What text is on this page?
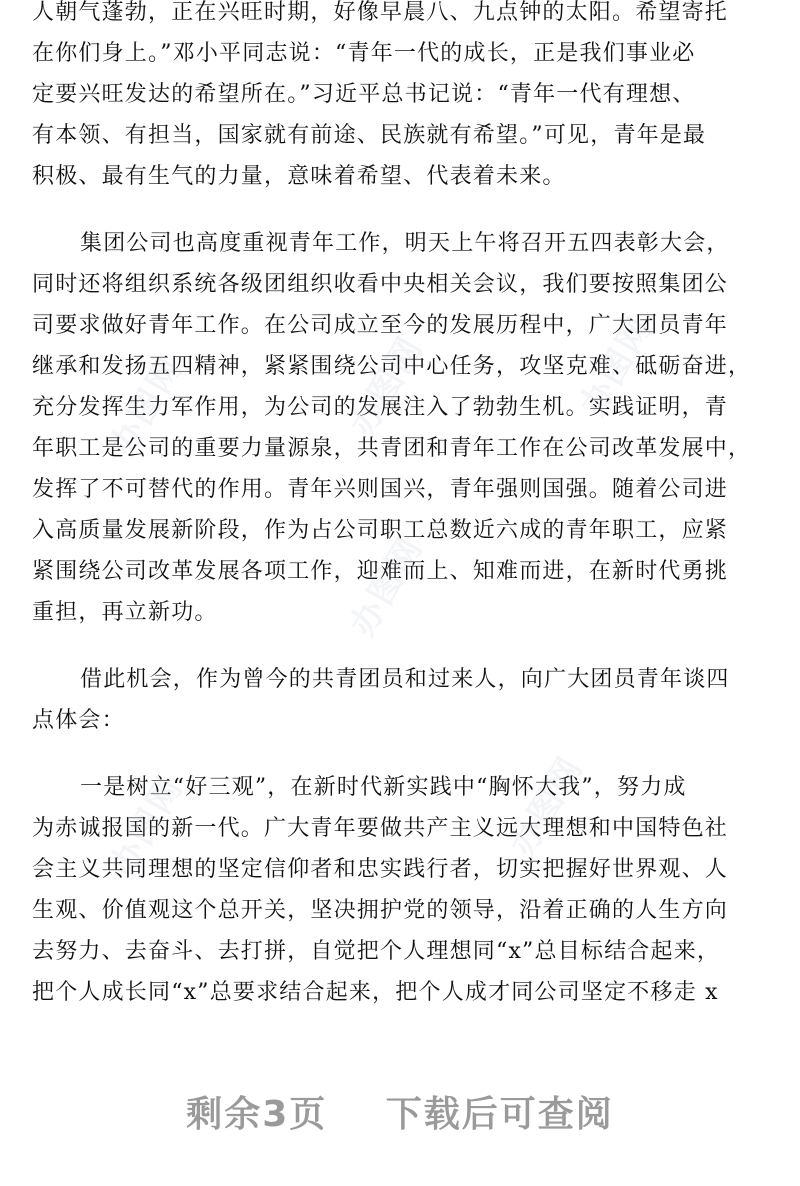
人朝气蓬勃，正在兴旺时期，好像早晨八、九点钟的太阳。希望寄托
在你们身上。”邓小平同志说：“青年一代的成长，正是我们事业必
定要兴旺发达的希望所在。”习近平总书记说：“青年一代有理想、
有本领、有担当，国家就有前途、民族就有希望。”可见，青年是最
积极、最有生气的力量，意味着希望、代表着未来。

集团公司也高度重视青年工作，明天上午将召开五四表彰大会，
同时还将组织系统各级团组织收看中央相关会议，我们要按照集团公
司要求做好青年工作。在公司成立至今的发展历程中，广大团员青年
继承和发扬五四精神，紧紧围绕公司中心任务，攻坚克难、砥砺奋进，
充分发挥生力军作用，为公司的发展注入了勃勃生机。实践证明，青
年职工是公司的重要力量源泉，共青团和青年工作在公司改革发展中，
发挥了不可替代的作用。青年兴则国兴，青年强则国强。随着公司进
入高质量发展新阶段，作为占公司职工总数近六成的青年职工，应紧
紧围绕公司改革发展各项工作，迎难而上、知难而进，在新时代勇挑
重担，再立新功。

借此机会，作为曾今的共青团员和过来人，向广大团员青年谈四
点体会：

一是树立“好三观”，在新时代新实践中“胸怀大我”，努力成
为赤诚报国的新一代。广大青年要做共产主义远大理想和中国特色社
会主义共同理想的坚定信仰者和忠实践行者，切实把握好世界观、人
生观、价值观这个总开关，坚决拥护党的领导，沿着正确的人生方向
去努力、去奋斗、去打拼，自觉把个人理想同“x”总目标结合起来，
把个人成长同“x”总要求结合起来，把个人成才同公司坚定不移走 x

办图网	办图网	办图网
办图网
办图网
办图网
剩余3页 下载后可查阅
